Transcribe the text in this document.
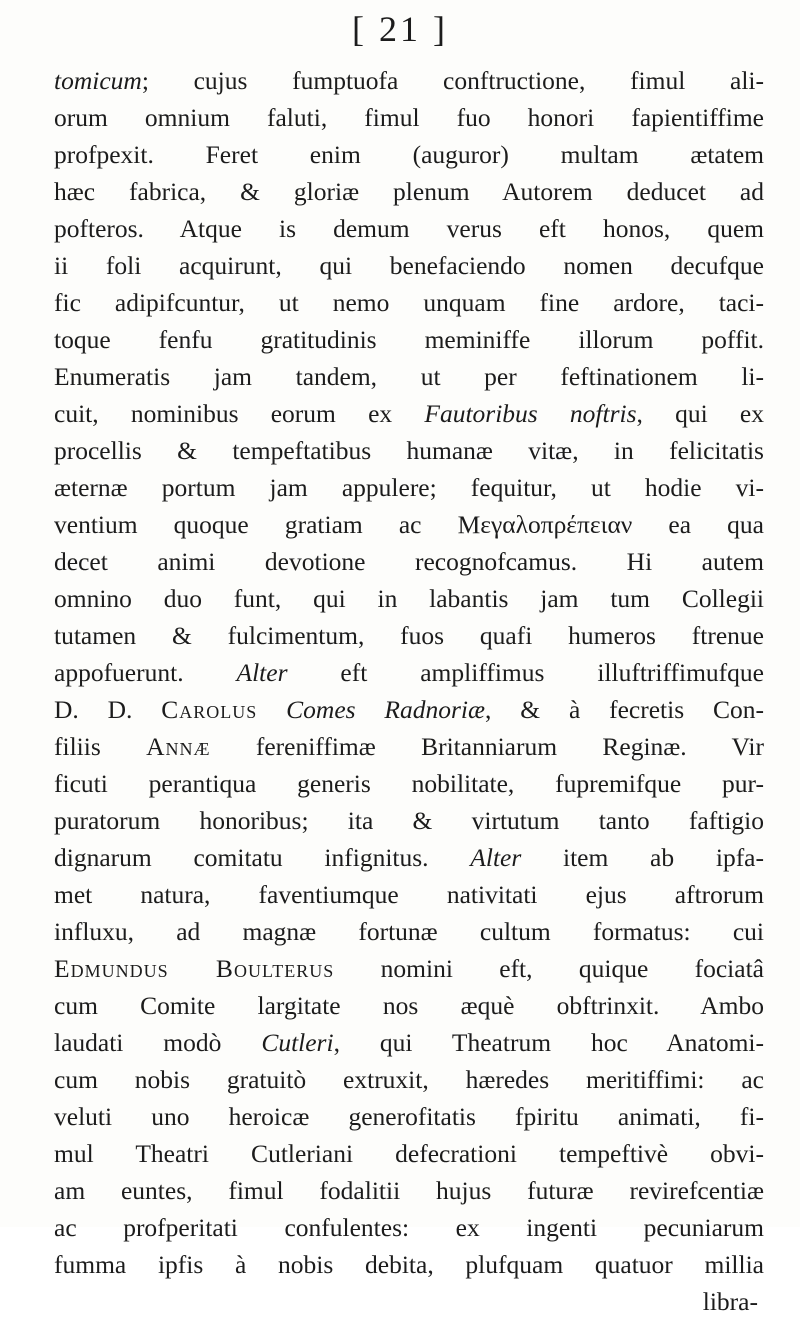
[ 21 ]
tomicum; cujus fumptuofa conftructione, fimul ali-
orum omnium faluti, fimul fuo honori fapientiffime
profpexit. Feret enim (auguror) multam ætatem
hæc fabrica, & gloriæ plenum Autorem deducet ad
pofteros. Atque is demum verus eft honos, quem
ii foli acquirunt, qui benefaciendo nomen decufque
fic adipifcuntur, ut nemo unquam fine ardore, taci-
toque fenfu gratitudinis meminiffe illorum poffit.
Enumeratis jam tandem, ut per feftinationem li-
cuit, nominibus eorum ex Fautoribus noftris, qui ex
procellis & tempeftatibus humanæ vitæ, in felicitatis
æternæ portum jam appulere; fequitur, ut hodie vi-
ventium quoque gratiam ac Μεγαλοπρέπειαν ea qua
decet animi devotione recognofcamus. Hi autem
omnino duo funt, qui in labantis jam tum Collegii
tutamen & fulcimentum, fuos quafi humeros ftrenue
appofuerunt. Alter eft ampliffimus illuftriffimufque
D. D. Carolus Comes Radnoriæ, & à fecretis Con-
filiis Annæ fereniffimæ Britanniarum Reginæ. Vir
ficuti perantiqua generis nobilitate, fupremifque pur-
puratorum honoribus; ita & virtutum tanto faftigio
dignarum comitatu infignitus. Alter item ab ipfa-
met natura, faventiumque nativitati ejus aftrorum
influxu, ad magnæ fortunæ cultum formatus: cui
Edmundus Boulterus nomini eft, quique fociatâ
cum Comite largitate nos æquè obftrinxit. Ambo
laudati modò Cutleri, qui Theatrum hoc Anatomi-
cum nobis gratuitò extruxit, hæredes meritiffimi: ac
veluti uno heroicæ generofitatis fpiritu animati, fi-
mul Theatri Cutleriani defecrationi tempeftivè obvi-
am euntes, fimul fodalitii hujus futuræ revirefcentiæ
ac profperitati confulentes: ex ingenti pecuniarum
fumma ipfis à nobis debita, plufquam quatuor millia
libra-
